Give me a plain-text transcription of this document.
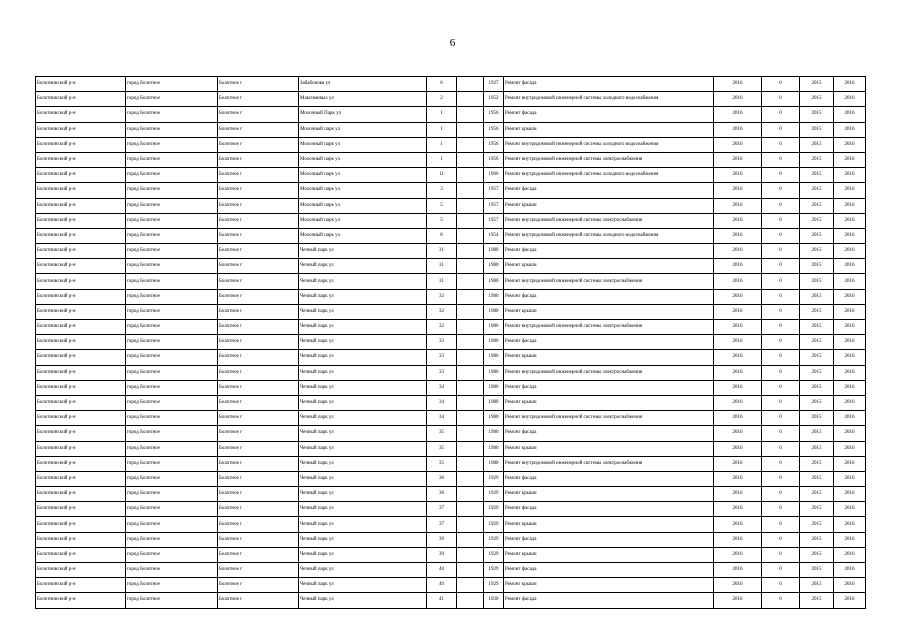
6
Болотнинский р-н	город Болотное	Болотное г	Забабонова ул	6		1927	Ремонт фасада	2016	0	2015	2016
Болотнинский р-н	город Болотное	Болотное г	Максимовых ул	2		1952	Ремонт внутридомовой инженерной системы холодного водоснабжения	2016	0	2015	2016
Болотнинский р-н	город Болотное	Болотное г	Молочный Парк ул	1		1956	Ремонт фасада	2016	0	2015	2016
Болотнинский р-н	город Болотное	Болотное г	Молочный парк ул	1		1956	Ремонт крыши	2016	0	2015	2016
Болотнинский р-н	город Болотное	Болотное г	Молочный парк ул	1		1956	Ремонт внутридомовой инженерной системы холодного водоснабжения	2016	0	2015	2016
Болотнинский р-н	город Болотное	Болотное г	Молочный парк ул	1		1956	Ремонт внутридомовой инженерной системы электроснабжения	2016	0	2015	2016
Болотнинский р-н	город Болотное	Болотное г	Молочный парк ул	11		1960	Ремонт внутридомовой инженерной системы холодного водоснабжения	2016	0	2015	2016
Болотнинский р-н	город Болотное	Болотное г	Молочный парк ул	3		1957	Ремонт фасада	2016	0	2015	2016
Болотнинский р-н	город Болотное	Болотное г	Молочный парк ул	5		1957	Ремонт крыши	2016	0	2015	2016
Болотнинский р-н	город Болотное	Болотное г	Молочный парк ул	5		1957	Ремонт внутридомовой инженерной системы электроснабжения	2016	0	2015	2016
Болотнинский р-н	город Болотное	Болотное г	Молочный парк ул	8		1954	Ремонт внутридомовой инженерной системы холодного водоснабжения	2016	0	2015	2016
Болотнинский р-н	город Болотное	Болотное г	Чечный парк ул	31		1980	Ремонт фасада	2016	0	2015	2016
Болотнинский р-н	город Болотное	Болотное г	Чечный парк ул	31		1980	Ремонт крыши	2016	0	2015	2016
Болотнинский р-н	город Болотное	Болотное г	Чечный парк ул	31		1980	Ремонт внутридомовой инженерной системы электроснабжения	2016	0	2015	2016
Болотнинский р-н	город Болотное	Болотное г	Чечный парк ул	32		1980	Ремонт фасада	2016	0	2015	2016
Болотнинский р-н	город Болотное	Болотное г	Чечный парк ул	32		1980	Ремонт крыши	2016	0	2015	2016
Болотнинский р-н	город Болотное	Болотное г	Чечный парк ул	32		1980	Ремонт внутридомовой инженерной системы электроснабжения	2016	0	2015	2016
Болотнинский р-н	город Болотное	Болотное г	Чечный парк ул	33		1980	Ремонт фасада	2016	0	2015	2016
Болотнинский р-н	город Болотное	Болотное г	Чечный парк ул	33		1980	Ремонт крыши	2016	0	2015	2016
Болотнинский р-н	город Болотное	Болотное г	Чечный парк ул	33		1980	Ремонт внутридомовой инженерной системы электроснабжения	2016	0	2015	2016
Болотнинский р-н	город Болотное	Болотное г	Чечный парк ул	34		1980	Ремонт фасада	2016	0	2015	2016
Болотнинский р-н	город Болотное	Болотное г	Чечный парк ул	34		1980	Ремонт крыши	2016	0	2015	2016
Болотнинский р-н	город Болотное	Болотное г	Чечный парк ул	34		1980	Ремонт внутридомовой инженерной системы электроснабжения	2016	0	2015	2016
Болотнинский р-н	город Болотное	Болотное г	Чечный парк ул	35		1980	Ремонт фасада	2016	0	2015	2016
Болотнинский р-н	город Болотное	Болотное г	Чечный парк ул	35		1980	Ремонт крыши	2016	0	2015	2016
Болотнинский р-н	город Болотное	Болотное г	Чечный парк ул	35		1980	Ремонт внутридомовой инженерной системы электроснабжения	2016	0	2015	2016
Болотнинский р-н	город Болотное	Болотное г	Чечный парк ул	36		1929	Ремонт фасада	2016	0	2015	2016
Болотнинский р-н	город Болотное	Болотное г	Чечный парк ул	36		1929	Ремонт крыши	2016	0	2015	2016
Болотнинский р-н	город Болотное	Болотное г	Чечный парк ул	37		1929	Ремонт фасада	2016	0	2015	2016
Болотнинский р-н	город Болотное	Болотное г	Чечный парк ул	37		1929	Ремонт крыши	2016	0	2015	2016
Болотнинский р-н	город Болотное	Болотное г	Чечный парк ул	39		1929	Ремонт фасада	2016	0	2015	2016
Болотнинский р-н	город Болотное	Болотное г	Чечный парк ул	39		1929	Ремонт крыши	2016	0	2015	2016
Болотнинский р-н	город Болотное	Болотное г	Чечный парк ул	40		1929	Ремонт фасада	2016	0	2015	2016
Болотнинский р-н	город Болотное	Болотное г	Чечный парк ул	40		1929	Ремонт крыши	2016	0	2015	2016
Болотнинский р-н	город Болотное	Болотное г	Чечный парк ул	41		1930	Ремонт фасада	2016	0	2015	2016
